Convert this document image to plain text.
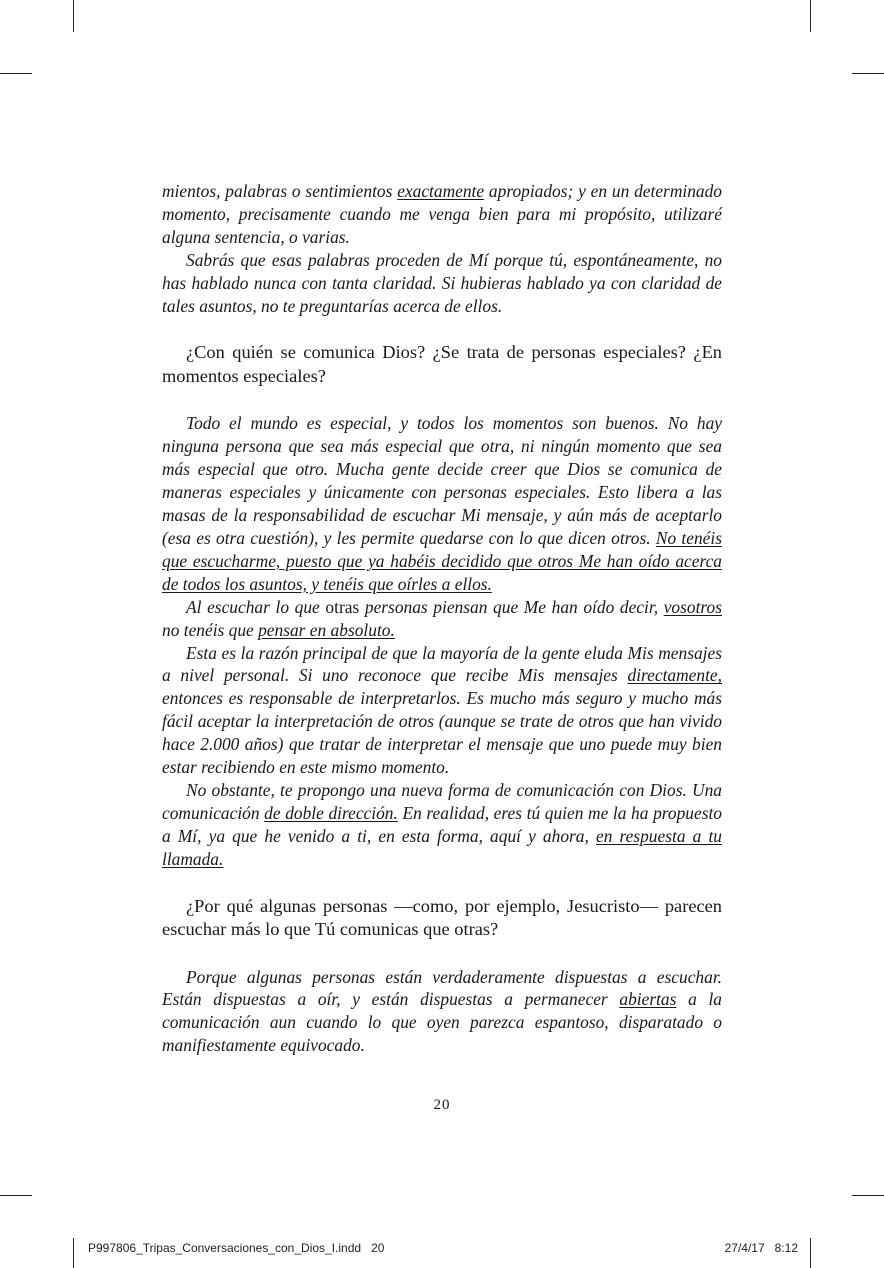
mientos, palabras o sentimientos exactamente apropiados; y en un determinado momento, precisamente cuando me venga bien para mi propósito, utilizaré alguna sentencia, o varias.

Sabrás que esas palabras proceden de Mí porque tú, espontáneamente, no has hablado nunca con tanta claridad. Si hubieras hablado ya con claridad de tales asuntos, no te preguntarías acerca de ellos.

¿Con quién se comunica Dios? ¿Se trata de personas especiales? ¿En momentos especiales?

Todo el mundo es especial, y todos los momentos son buenos. No hay ninguna persona que sea más especial que otra, ni ningún momento que sea más especial que otro. Mucha gente decide creer que Dios se comunica de maneras especiales y únicamente con personas especiales. Esto libera a las masas de la responsabilidad de escuchar Mi mensaje, y aún más de aceptarlo (esa es otra cuestión), y les permite quedarse con lo que dicen otros. No tenéis que escucharme, puesto que ya habéis decidido que otros Me han oído acerca de todos los asuntos, y tenéis que oírles a ellos.

Al escuchar lo que otras personas piensan que Me han oído decir, vosotros no tenéis que pensar en absoluto.

Esta es la razón principal de que la mayoría de la gente eluda Mis mensajes a nivel personal. Si uno reconoce que recibe Mis mensajes directamente, entonces es responsable de interpretarlos. Es mucho más seguro y mucho más fácil aceptar la interpretación de otros (aunque se trate de otros que han vivido hace 2.000 años) que tratar de interpretar el mensaje que uno puede muy bien estar recibiendo en este mismo momento.

No obstante, te propongo una nueva forma de comunicación con Dios. Una comunicación de doble dirección. En realidad, eres tú quien me la ha propuesto a Mí, ya que he venido a ti, en esta forma, aquí y ahora, en respuesta a tu llamada.

¿Por qué algunas personas —como, por ejemplo, Jesucristo— parecen escuchar más lo que Tú comunicas que otras?

Porque algunas personas están verdaderamente dispuestas a escuchar. Están dispuestas a oír, y están dispuestas a permanecer abiertas a la comunicación aun cuando lo que oyen parezca espantoso, disparatado o manifiestamente equivocado.

20
P997806_Tripas_Conversaciones_con_Dios_I.indd   20	27/4/17   8:12
